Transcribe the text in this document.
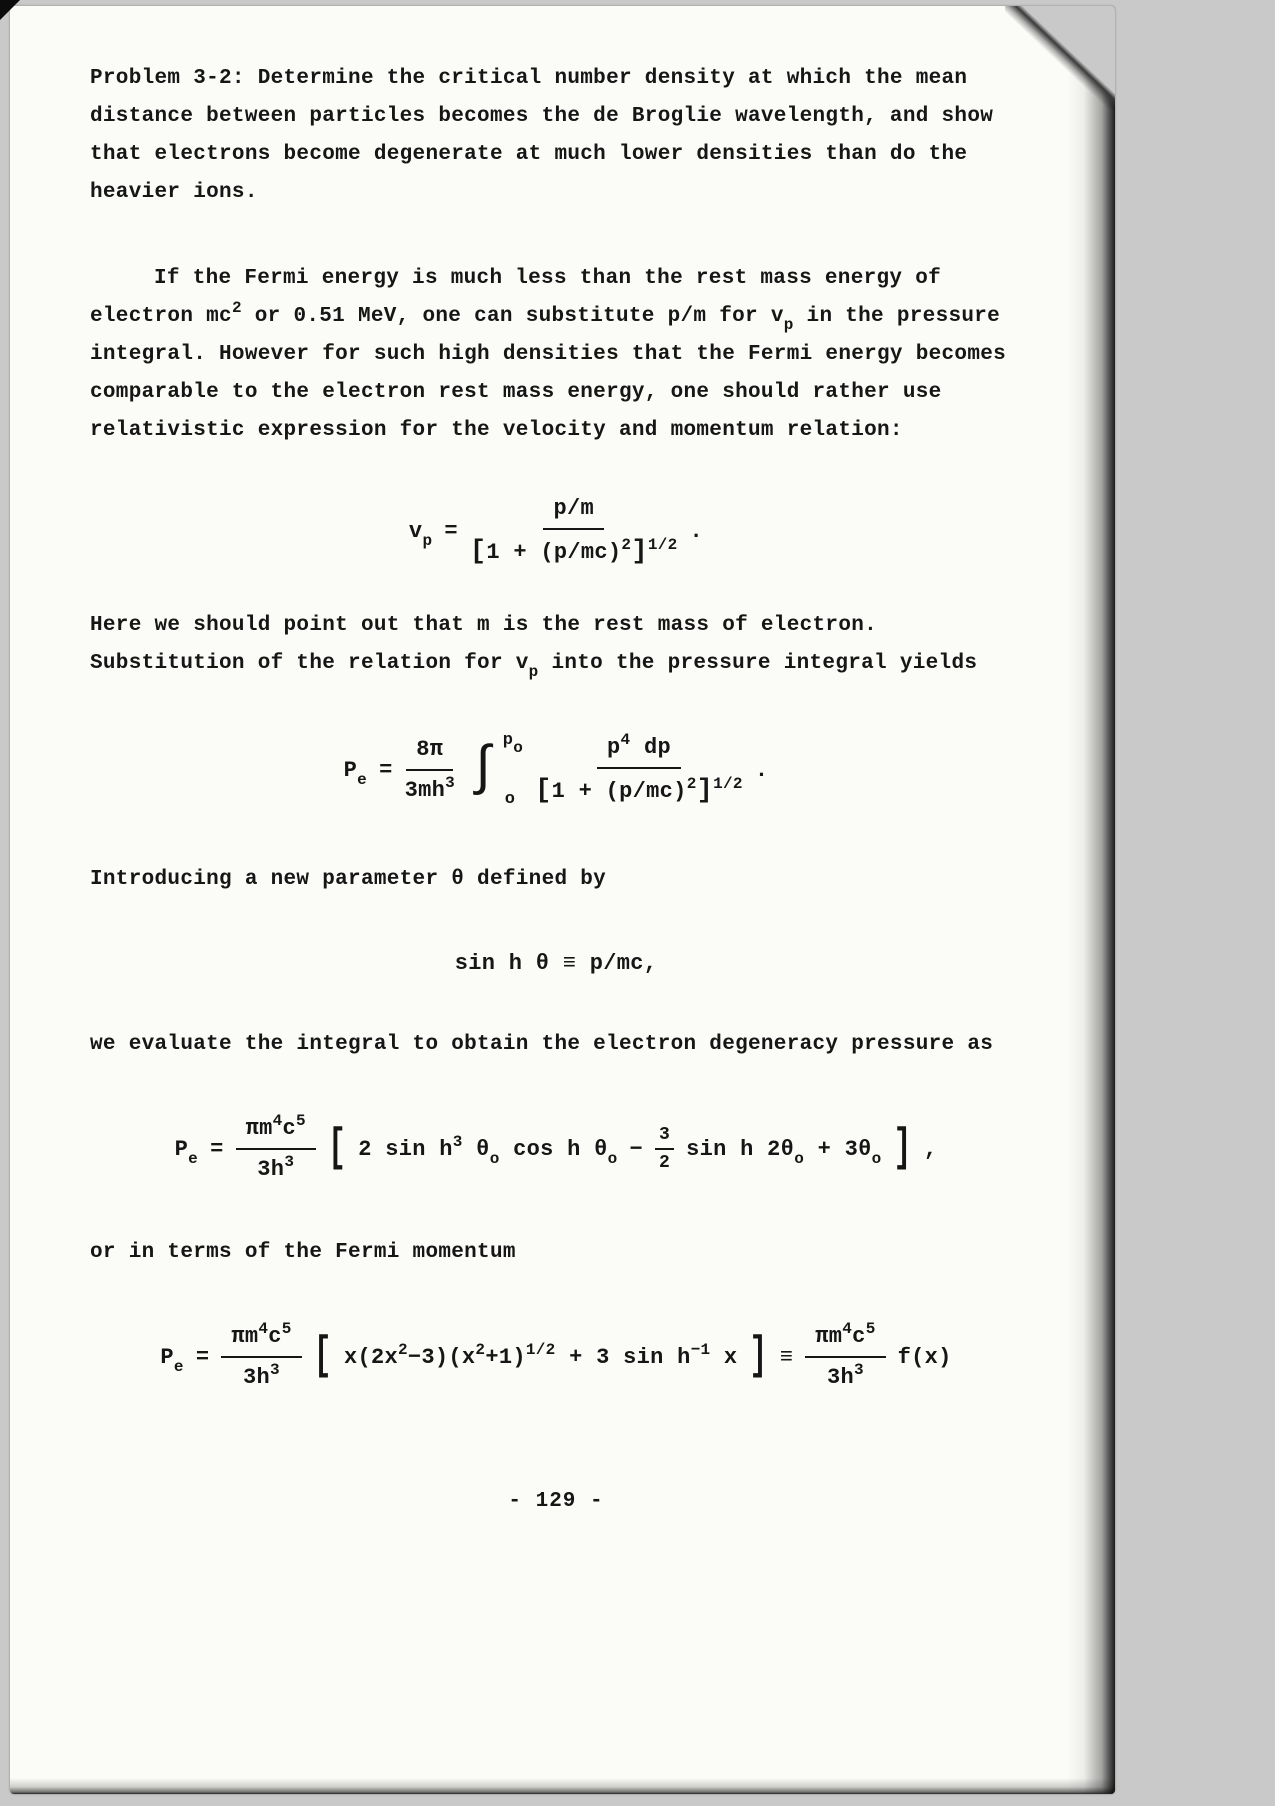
Problem 3-2: Determine the critical number density at which the mean distance between particles becomes the de Broglie wavelength, and show that electrons become degenerate at much lower densities than do the heavier ions.

If the Fermi energy is much less than the rest mass energy of electron $mc^2$ or 0.51 MeV, one can substitute p/m for $v_p$ in the pressure integral. However for such high densities that the Fermi energy becomes comparable to the electron rest mass energy, one should rather use relativistic expression for the velocity and momentum relation:

$v_p = \frac{p/m}{[1 + (p/mc)^2]^{1/2}}$ .

Here we should point out that m is the rest mass of electron. Substitution of the relation for $v_p$ into the pressure integral yields

$P_e = \frac{8\pi}{3mh^3}$ ∫ $p_o$
o $\frac{p^4 dp}{[1 + (p/mc)^2]^{1/2}}$ .

Introducing a new parameter θ defined by

sin h θ ≡ p/mc,

we evaluate the integral to obtain the electron degeneracy pressure as

$P_e = \frac{\pi m^4c^5}{3h^3}$ [ 2 $\sin h^3$ $\theta_o$ cos h $\theta_o - \frac{3}{2}$ sin h $2\theta_o + 3\theta_o$ ] ,

or in terms of the Fermi momentum

$P_e = \frac{\pi m^4c^5}{3h^3}$ [ $x(2x^2-3)(x^2+1)^{1/2} + 3$ $\sin h^{-1}$ x ] ≡ $\frac{\pi m^4c^5}{3h^3} f(x)$
- 129 -
